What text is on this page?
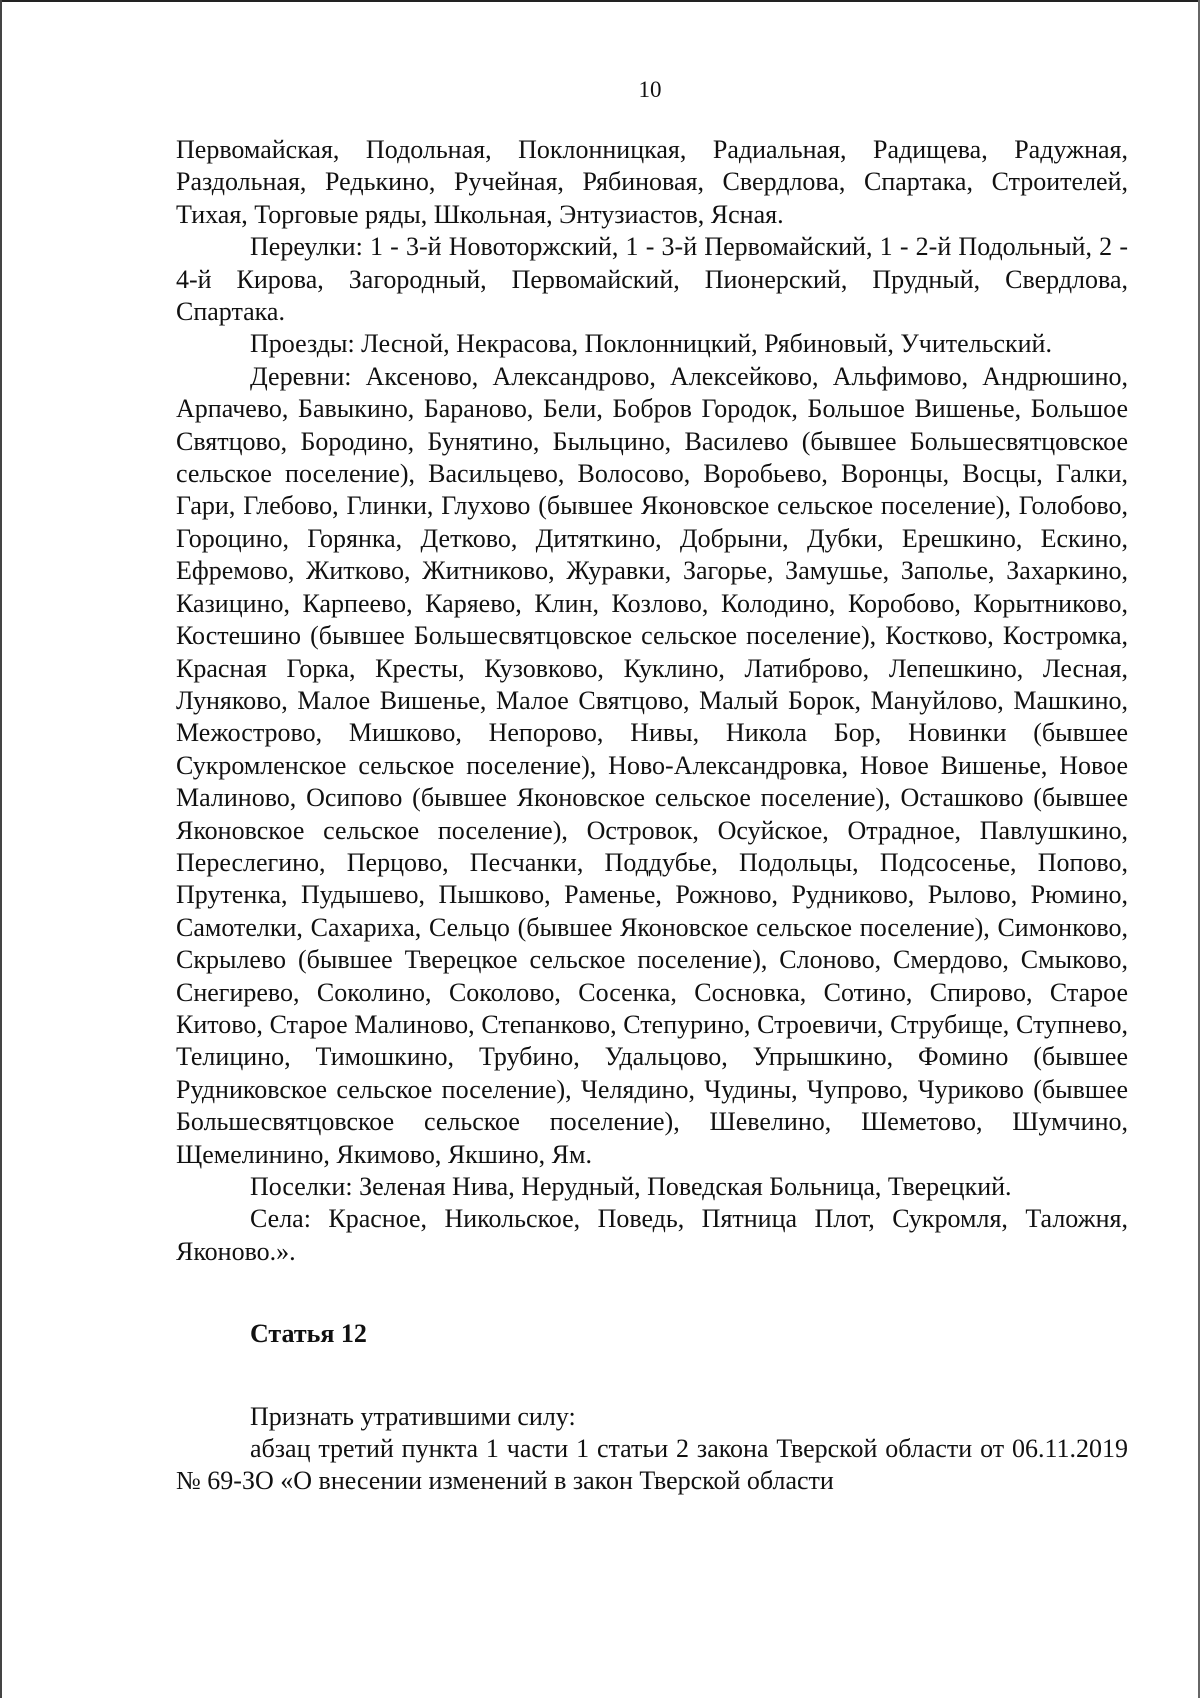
10

Первомайская, Подольная, Поклонницкая, Радиальная, Радищева, Радужная, Раздольная, Редькино, Ручейная, Рябиновая, Свердлова, Спартака, Строителей, Тихая, Торговые ряды, Школьная, Энтузиастов, Ясная.

Переулки: 1 - 3-й Новоторжский, 1 - 3-й Первомайский, 1 - 2-й Подольный, 2 - 4-й Кирова, Загородный, Первомайский, Пионерский, Прудный, Свердлова, Спартака.

Проезды: Лесной, Некрасова, Поклонницкий, Рябиновый, Учительский.

Деревни: Аксеново, Александрово, Алексейково, Альфимово, Андрюшино, Арпачево, Бавыкино, Бараново, Бели, Бобров Городок, Большое Вишенье, Большое Святцово, Бородино, Бунятино, Быльцино, Василево (бывшее Большесвятцовское сельское поселение), Васильцево, Волосово, Воробьево, Воронцы, Восцы, Галки, Гари, Глебово, Глинки, Глухово (бывшее Яконовское сельское поселение), Голобово, Гороцино, Горянка, Детково, Дитяткино, Добрыни, Дубки, Ерешкино, Ескино, Ефремово, Житково, Житниково, Журавки, Загорье, Замушье, Заполье, Захаркино, Казицино, Карпеево, Каряево, Клин, Козлово, Колодино, Коробово, Корытниково, Костешино (бывшее Большесвятцовское сельское поселение), Костково, Костромка, Красная Горка, Кресты, Кузовково, Куклино, Латиброво, Лепешкино, Лесная, Луняково, Малое Вишенье, Малое Святцово, Малый Борок, Мануйлово, Машкино, Межострово, Мишково, Непорово, Нивы, Никола Бор, Новинки (бывшее Сукромленское сельское поселение), Ново-Александровка, Новое Вишенье, Новое Малиново, Осипово (бывшее Яконовское сельское поселение), Осташково (бывшее Яконовское сельское поселение), Островок, Осуйское, Отрадное, Павлушкино, Переслегино, Перцово, Песчанки, Поддубье, Подольцы, Подсосенье, Попово, Прутенка, Пудышево, Пышково, Раменье, Рожново, Рудниково, Рылово, Рюмино, Самотелки, Сахариха, Сельцо (бывшее Яконовское сельское поселение), Симонково, Скрылево (бывшее Тверецкое сельское поселение), Слоново, Смердово, Смыково, Снегирево, Соколино, Соколово, Сосенка, Сосновка, Сотино, Спирово, Старое Китово, Старое Малиново, Степанково, Степурино, Строевичи, Струбище, Ступнево, Телицино, Тимошкино, Трубино, Удальцово, Упрышкино, Фомино (бывшее Рудниковское сельское поселение), Челядино, Чудины, Чупрово, Чуриково (бывшее Большесвятцовское сельское поселение), Шевелино, Шеметово, Шумчино, Щемелинино, Якимово, Якшино, Ям.

Поселки: Зеленая Нива, Нерудный, Поведская Больница, Тверецкий.

Села: Красное, Никольское, Поведь, Пятница Плот, Сукромля, Таложня, Яконово.».

Статья 12

Признать утратившими силу:

абзац третий пункта 1 части 1 статьи 2 закона Тверской области от 06.11.2019 № 69-ЗО «О внесении изменений в закон Тверской области
